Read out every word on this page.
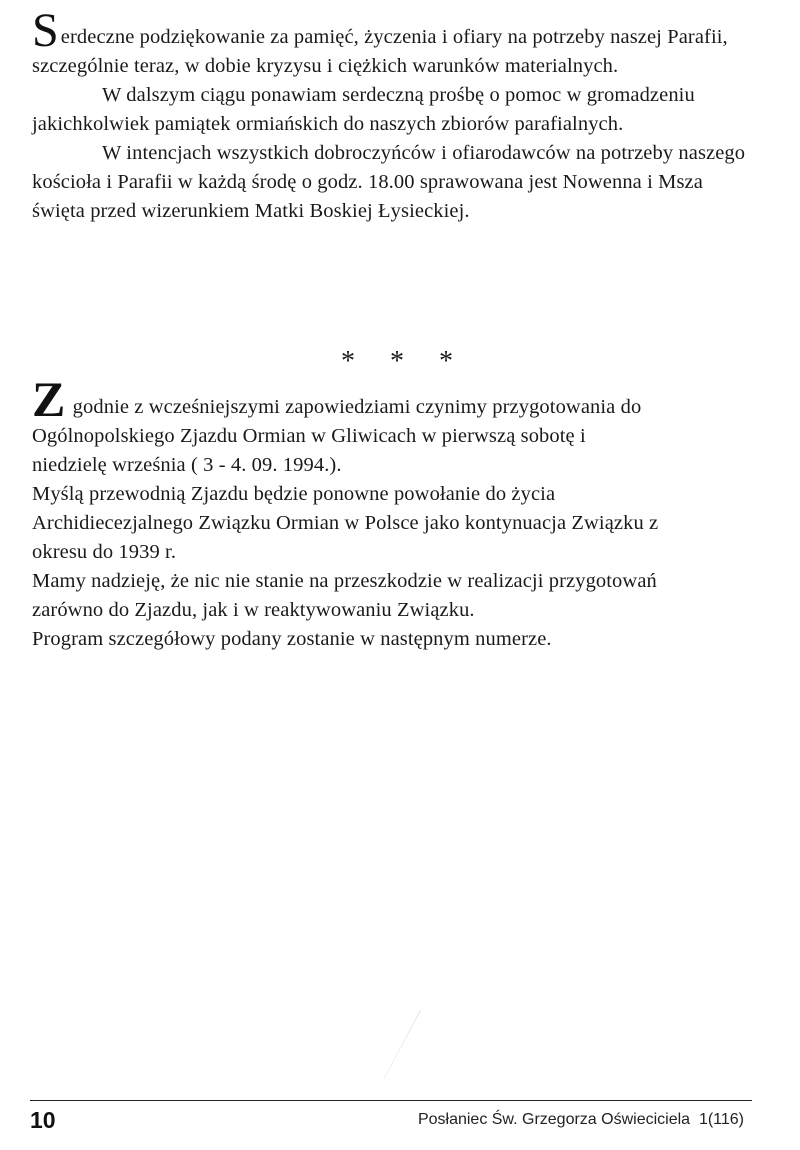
Serdeczne podziękowanie za pamięć, życzenia i ofiary na potrzeby naszej Parafii, szczególnie teraz, w dobie kryzysu i ciężkich warunków materialnych.

W dalszym ciągu ponawiam serdeczną prośbę o pomoc w gromadzeniu jakichkolwiek pamiątek ormiańskich do naszych zbiorów parafialnych.

W intencjach wszystkich dobroczyńców i ofiarodawców na potrzeby naszego kościoła i Parafii w każdą środę o godz. 18.00 sprawowana jest Nowenna i Msza święta przed wizerunkiem Matki Boskiej Łysieckiej.

* * *
Z godnie z wcześniejszymi zapowiedziami czynimy przygotowania do
Ogólnopolskiego Zjazdu Ormian w Gliwicach w pierwszą sobotę i
niedzielę września ( 3 - 4. 09. 1994.).
Myślą przewodnią Zjazdu będzie ponowne powołanie do życia
Archidiecezjalnego Związku Ormian w Polsce jako kontynuacja Związku z
okresu do 1939 r.
Mamy nadzieję, że nic nie stanie na przeszkodzie w realizacji przygotowań
zarówno do Zjazdu, jak i w reaktywowaniu Związku.
Program szczegółowy podany zostanie w następnym numerze.
10	Posłaniec Św. Grzegorza Oświeciciela 1(116)
